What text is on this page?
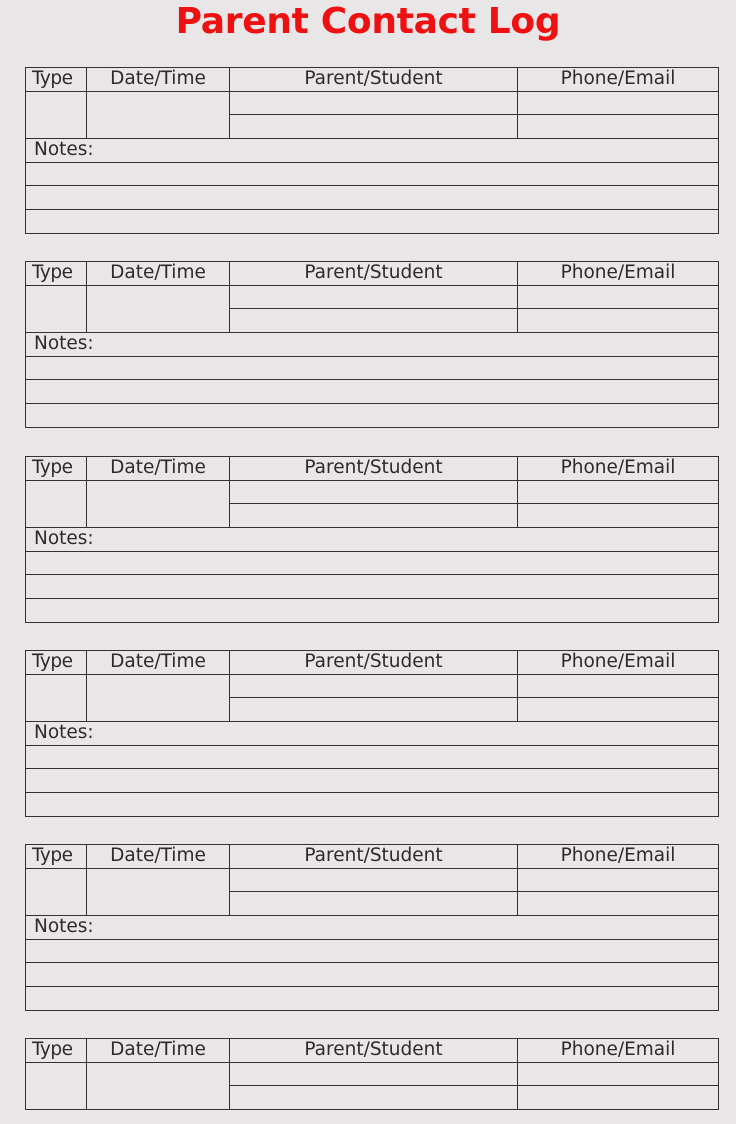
Parent Contact Log
Type	Date/Time	Parent/Student	Phone/Email

Notes:			

Type	Date/Time	Parent/Student	Phone/Email

Notes:			

Type	Date/Time	Parent/Student	Phone/Email

Notes:			

Type	Date/Time	Parent/Student	Phone/Email

Notes:			

Type	Date/Time	Parent/Student	Phone/Email

Notes:			

Type	Date/Time	Parent/Student	Phone/Email
